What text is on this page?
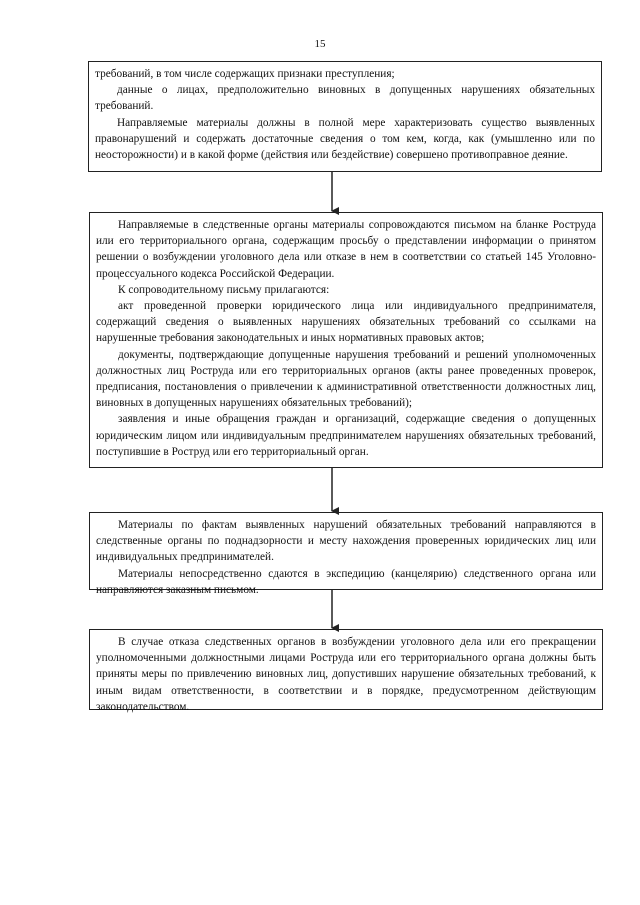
15

требований, в том числе содержащих признаки преступления;

данные о лицах, предположительно виновных в допущенных нарушениях обязательных требований.

Направляемые материалы должны в полной мере характеризовать существо выявленных правонарушений и содержать достаточные сведения о том кем, когда, как (умышленно или по неосторожности) и в какой форме (действия или бездействие) совершено противоправное деяние.

Направляемые в следственные органы материалы сопровождаются письмом на бланке Роструда или его территориального органа, содержащим просьбу о представлении информации о принятом решении о возбуждении уголовного дела или отказе в нем в соответствии со статьей 145 Уголовно-процессуального кодекса Российской Федерации.

К сопроводительному письму прилагаются:

акт проведенной проверки юридического лица или индивидуального предпринимателя, содержащий сведения о выявленных нарушениях обязательных требований со ссылками на нарушенные требования законодательных и иных нормативных правовых актов;

документы, подтверждающие допущенные нарушения требований и решений уполномоченных должностных лиц Роструда или его территориальных органов (акты ранее проведенных проверок, предписания, постановления о привлечении к административной ответственности должностных лиц, виновных в допущенных нарушениях обязательных требований);

заявления и иные обращения граждан и организаций, содержащие сведения о допущенных юридическим лицом или индивидуальным предпринимателем нарушениях обязательных требований, поступившие в Роструд или его территориальный орган.

Материалы по фактам выявленных нарушений обязательных требований направляются в следственные органы по поднадзорности и месту нахождения проверенных юридических лиц или индивидуальных предпринимателей.

Материалы непосредственно сдаются в экспедицию (канцелярию) следственного органа или направляются заказным письмом.

В случае отказа следственных органов в возбуждении уголовного дела или его прекращении уполномоченными должностными лицами Роструда или его территориального органа должны быть приняты меры по привлечению виновных лиц, допустивших нарушение обязательных требований, к иным видам ответственности, в соответствии и в порядке, предусмотренном действующим законодательством.
